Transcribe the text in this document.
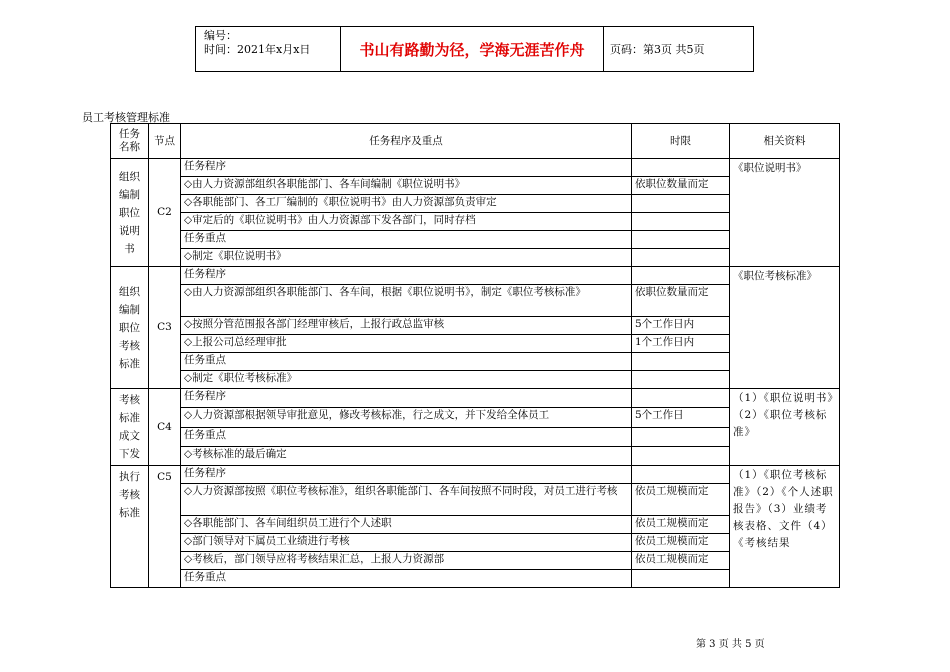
编号：
时间：2021年x月x日	书山有路勤为径，学海无涯苦作舟	页码：第3页 共5页
员工考核管理标准
任务名称	节点	任务程序及重点	时限	相关资料
组织编制职位说明书	C2	任务程序		《职位说明书》
		◇由人力资源部组织各职能部门、各车间编制《职位说明书》	依职位数量而定	
		◇各职能部门、各工厂编制的《职位说明书》由人力资源部负责审定		
		◇审定后的《职位说明书》由人力资源部下发各部门，同时存档		
		任务重点		
		◇制定《职位说明书》		
组织编制职位考核标准	C3	任务程序		《职位考核标准》
		◇由人力资源部组织各职能部门、各车间，根据《职位说明书》，制定《职位考核标准》	依职位数量而定	
		◇按照分管范围报各部门经理审核后，上报行政总监审核	5个工作日内	
		◇上报公司总经理审批	1个工作日内	
		任务重点		
		◇制定《职位考核标准》		
考核标准成文下发	C4	任务程序		（1）《职位说明书》（2）《职位考核标准》
		◇人力资源部根据领导审批意见，修改考核标准，行之成文，并下发给全体员工	5个工作日	
		任务重点		
		◇考核标准的最后确定		
执行考核标准	C5	任务程序		（1）《职位考核标准》（2）《个人述职报告》（3）业绩考核表格、文件（4）《考核结果
		◇人力资源部按照《职位考核标准》，组织各职能部门、各车间按照不同时段，对员工进行考核	依员工规模而定	
		◇各职能部门、各车间组织员工进行个人述职	依员工规模而定	
		◇部门领导对下属员工业绩进行考核	依员工规模而定	
		◇考核后，部门领导应将考核结果汇总，上报人力资源部	依员工规模而定	
		任务重点		
第 3 页 共 5 页
